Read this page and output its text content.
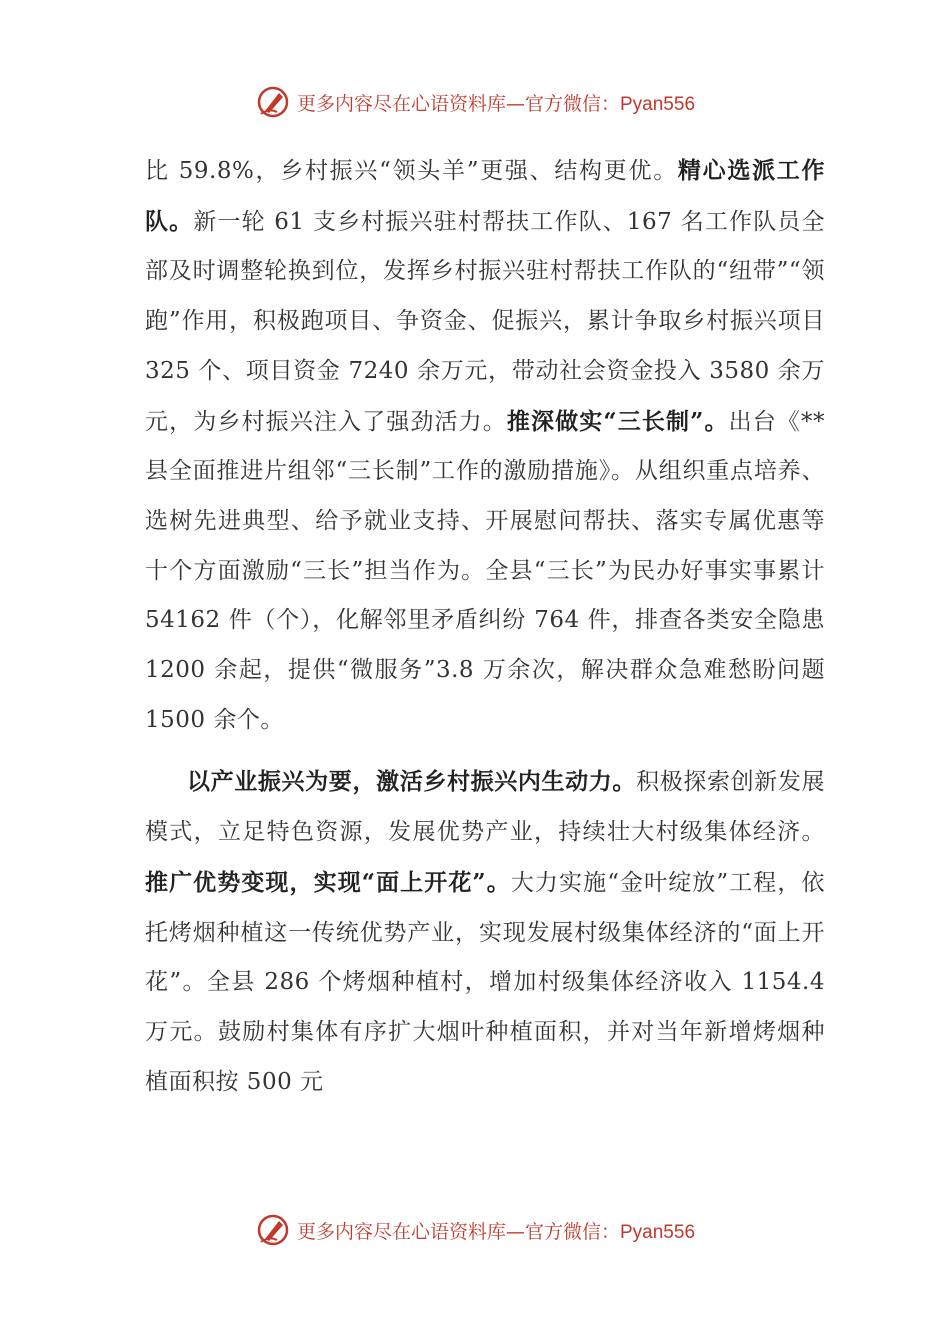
更多内容尽在心语资料库—官方微信：Pyan556

比 59.8%，乡村振兴“领头羊”更强、结构更优。精心选派工作队。新一轮 61 支乡村振兴驻村帮扶工作队、167 名工作队员全部及时调整轮换到位，发挥乡村振兴驻村帮扶工作队的“纽带”“领跑”作用，积极跑项目、争资金、促振兴，累计争取乡村振兴项目 325 个、项目资金 7240 余万元，带动社会资金投入 3580 余万元，为乡村振兴注入了强劲活力。推深做实“三长制”。出台《**县全面推进片组邻“三长制”工作的激励措施》。从组织重点培养、选树先进典型、给予就业支持、开展慰问帮扶、落实专属优惠等十个方面激励“三长”担当作为。全县“三长”为民办好事实事累计 54162 件（个），化解邻里矛盾纠纷 764 件，排查各类安全隐患 1200 余起，提供“微服务”3.8 万余次，解决群众急难愁盼问题 1500 余个。

以产业振兴为要，激活乡村振兴内生动力。积极探索创新发展模式，立足特色资源，发展优势产业，持续壮大村级集体经济。推广优势变现，实现“面上开花”。大力实施“金叶绽放”工程，依托烤烟种植这一传统优势产业，实现发展村级集体经济的“面上开花”。全县 286 个烤烟种植村，增加村级集体经济收入 1154.4 万元。鼓励村集体有序扩大烟叶种植面积，并对当年新增烤烟种植面积按 500 元

更多内容尽在心语资料库—官方微信：Pyan556
